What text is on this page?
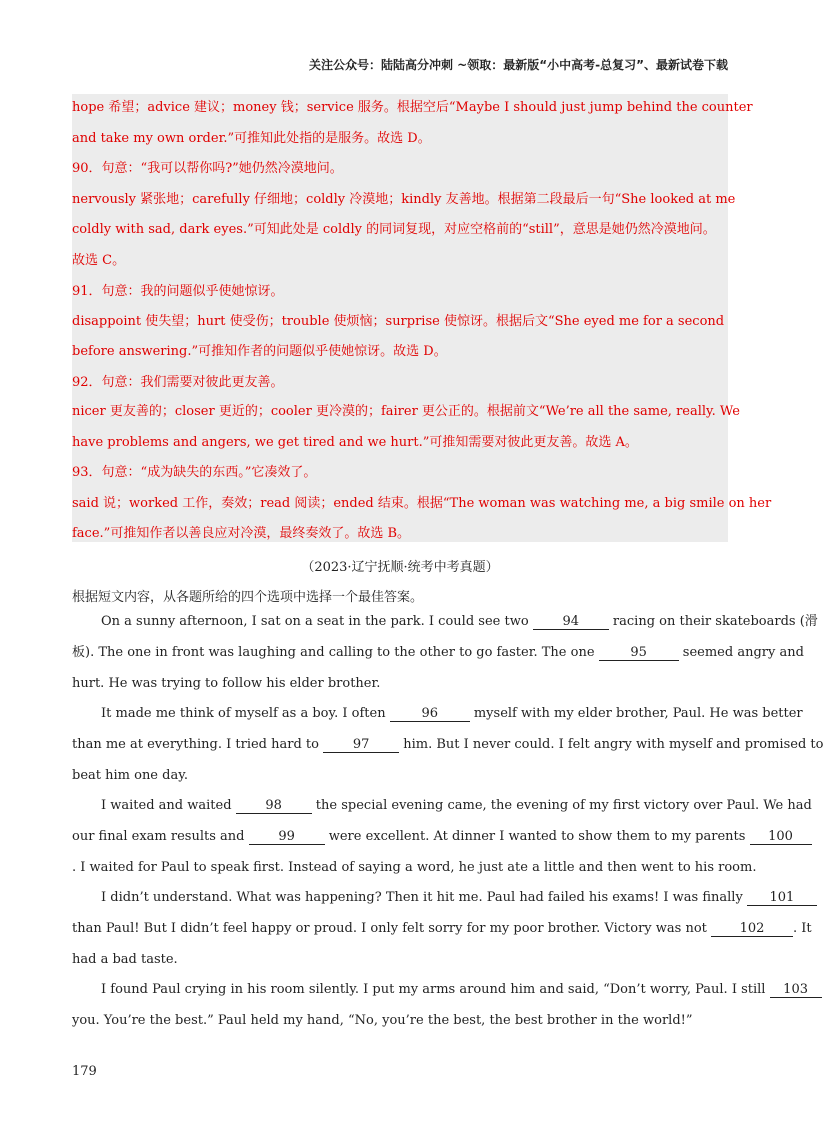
关注公众号：陆陆高分冲刺 ~领取：最新版“小中高考-总复习”、最新试卷下载
hope 希望；advice 建议；money 钱；service 服务。根据空后“Maybe I should just jump behind the counter
and take my own order.”可推知此处指的是服务。故选 D。
90．句意：“我可以帮你吗?”她仍然冷漠地问。
nervously 紧张地；carefully 仔细地；coldly 冷漠地；kindly 友善地。根据第二段最后一句“She looked at me
coldly with sad, dark eyes.”可知此处是 coldly 的同词复现，对应空格前的“still”，意思是她仍然冷漠地问。
故选 C。
91．句意：我的问题似乎使她惊讶。
disappoint 使失望；hurt 使受伤；trouble 使烦恼；surprise 使惊讶。根据后文“She eyed me for a second
before answering.”可推知作者的问题似乎使她惊讶。故选 D。
92．句意：我们需要对彼此更友善。
nicer 更友善的；closer 更近的；cooler 更冷漠的；fairer 更公正的。根据前文“We’re all the same, really. We
have problems and angers, we get tired and we hurt.”可推知需要对彼此更友善。故选 A。
93．句意：“成为缺失的东西。”它凑效了。
said 说；worked 工作，奏效；read 阅读；ended 结束。根据“The woman was watching me, a big smile on her
face.”可推知作者以善良应对冷漠，最终奏效了。故选 B。
（2023·辽宁抚顺·统考中考真题）
根据短文内容，从各题所给的四个选项中选择一个最佳答案。
On a sunny afternoon, I sat on a seat in the park. I could see two 94 racing on their skateboards (滑
板). The one in front was laughing and calling to the other to go faster. The one 95 seemed angry and
hurt. He was trying to follow his elder brother.
It made me think of myself as a boy. I often 96 myself with my elder brother, Paul. He was better
than me at everything. I tried hard to 97 him. But I never could. I felt angry with myself and promised to
beat him one day.
I waited and waited 98 the special evening came, the evening of my first victory over Paul. We had
our final exam results and 99 were excellent. At dinner I wanted to show them to my parents 100
. I waited for Paul to speak first. Instead of saying a word, he just ate a little and then went to his room.
I didn’t understand. What was happening? Then it hit me. Paul had failed his exams! I was finally 101
than Paul! But I didn’t feel happy or proud. I only felt sorry for my poor brother. Victory was not 102 . It
had a bad taste.
I found Paul crying in his room silently. I put my arms around him and said, “Don’t worry, Paul. I still 103
you. You’re the best.” Paul held my hand, “No, you’re the best, the best brother in the world!”
179
